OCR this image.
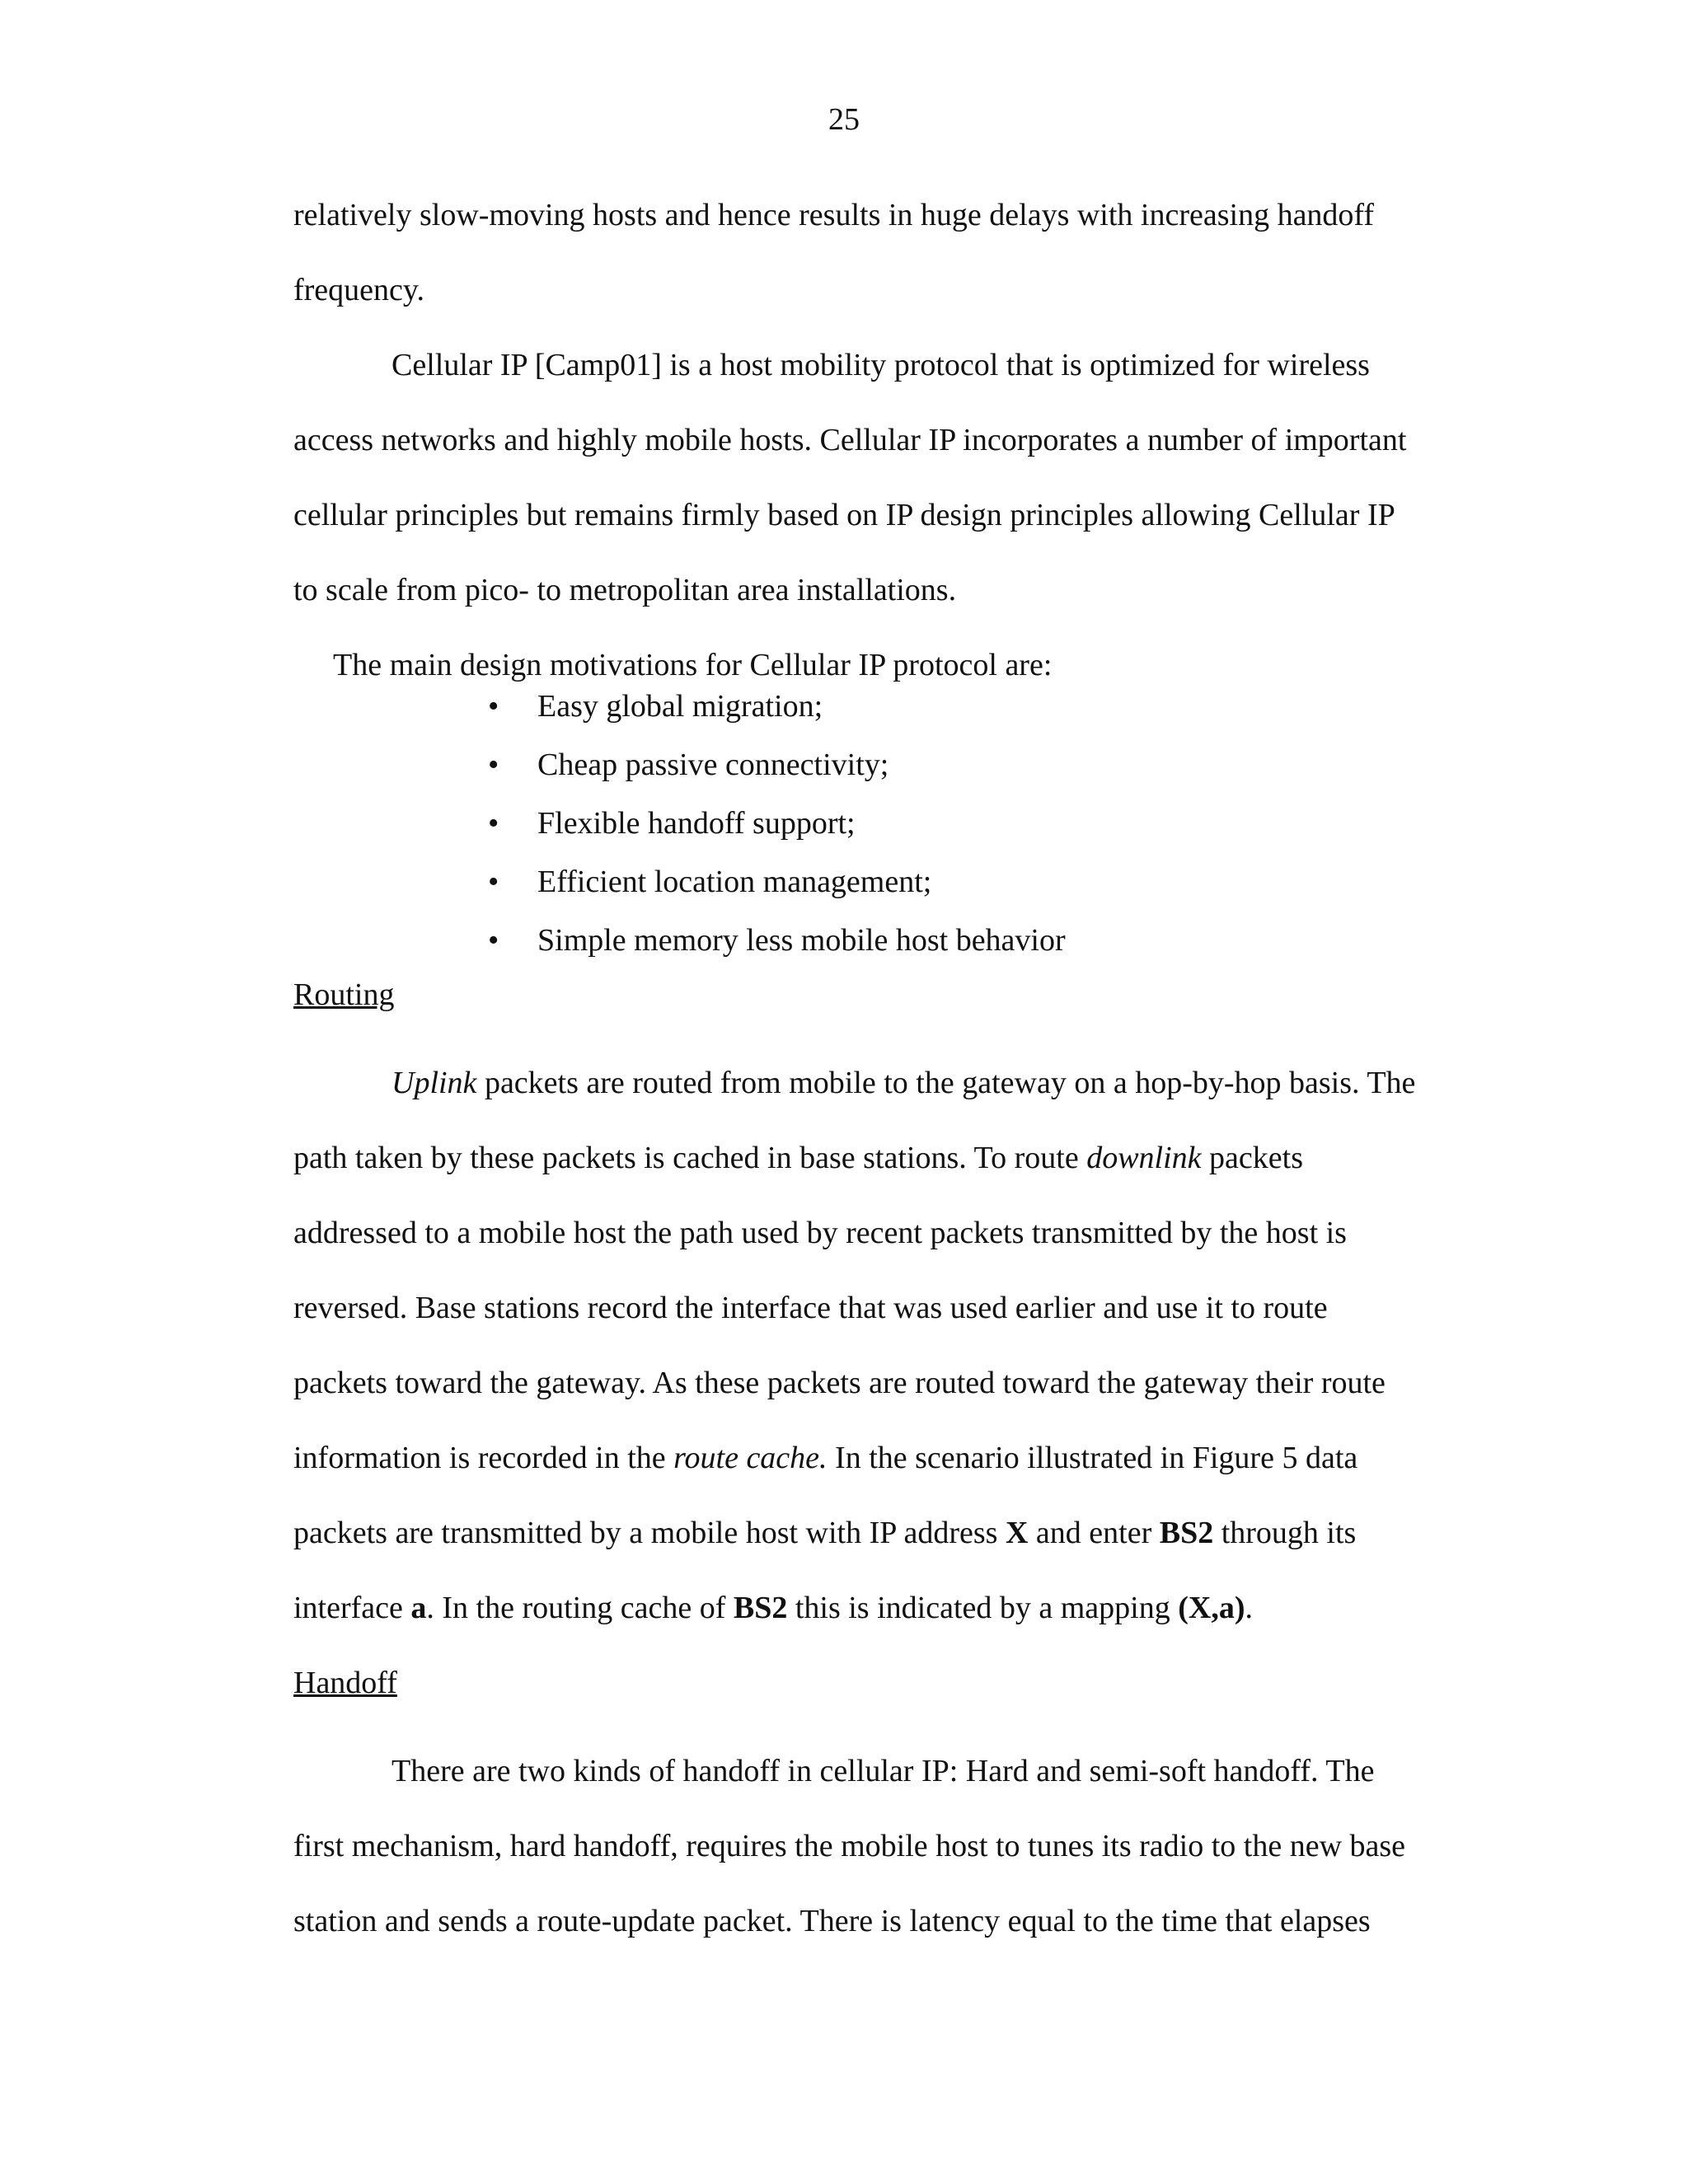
25
relatively slow-moving hosts and hence results in huge delays with increasing handoff
frequency.
Cellular IP [Camp01] is a host mobility protocol that is optimized for wireless
access networks and highly mobile hosts. Cellular IP incorporates a number of important
cellular principles but remains firmly based on IP design principles allowing Cellular IP
to scale from pico- to metropolitan area installations.
The main design motivations for Cellular IP protocol are:
• Easy global migration;
• Cheap passive connectivity;
• Flexible handoff support;
• Efficient location management;
• Simple memory less mobile host behavior
Routing
Uplink packets are routed from mobile to the gateway on a hop-by-hop basis. The
path taken by these packets is cached in base stations. To route downlink packets
addressed to a mobile host the path used by recent packets transmitted by the host is
reversed. Base stations record the interface that was used earlier and use it to route
packets toward the gateway. As these packets are routed toward the gateway their route
information is recorded in the route cache. In the scenario illustrated in Figure 5 data
packets are transmitted by a mobile host with IP address X and enter BS2 through its
interface a. In the routing cache of BS2 this is indicated by a mapping (X,a).
Handoff
There are two kinds of handoff in cellular IP: Hard and semi-soft handoff. The
first mechanism, hard handoff, requires the mobile host to tunes its radio to the new base
station and sends a route-update packet. There is latency equal to the time that elapses
